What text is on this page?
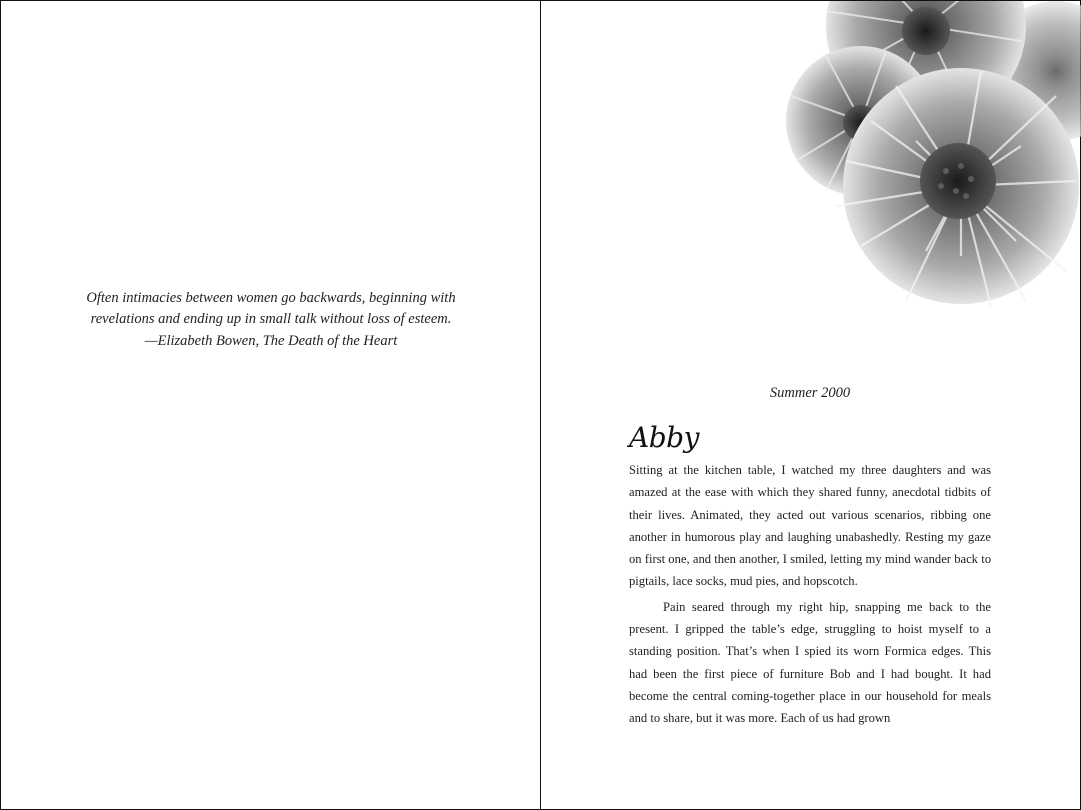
Often intimacies between women go backwards, beginning with revelations and ending up in small talk without loss of esteem.
—Elizabeth Bowen, The Death of the Heart
Summer 2000
Abby

Sitting at the kitchen table, I watched my three daughters and was amazed at the ease with which they shared funny, anecdotal tidbits of their lives. Animated, they acted out various scenarios, ribbing one another in humorous play and laughing unabashedly. Resting my gaze on first one, and then another, I smiled, letting my mind wander back to pigtails, lace socks, mud pies, and hopscotch.

Pain seared through my right hip, snapping me back to the present. I gripped the table’s edge, struggling to hoist myself to a standing position. That’s when I spied its worn Formica edges. This had been the first piece of furniture Bob and I had bought. It had become the central coming-together place in our household for meals and to share, but it was more. Each of us had grown
